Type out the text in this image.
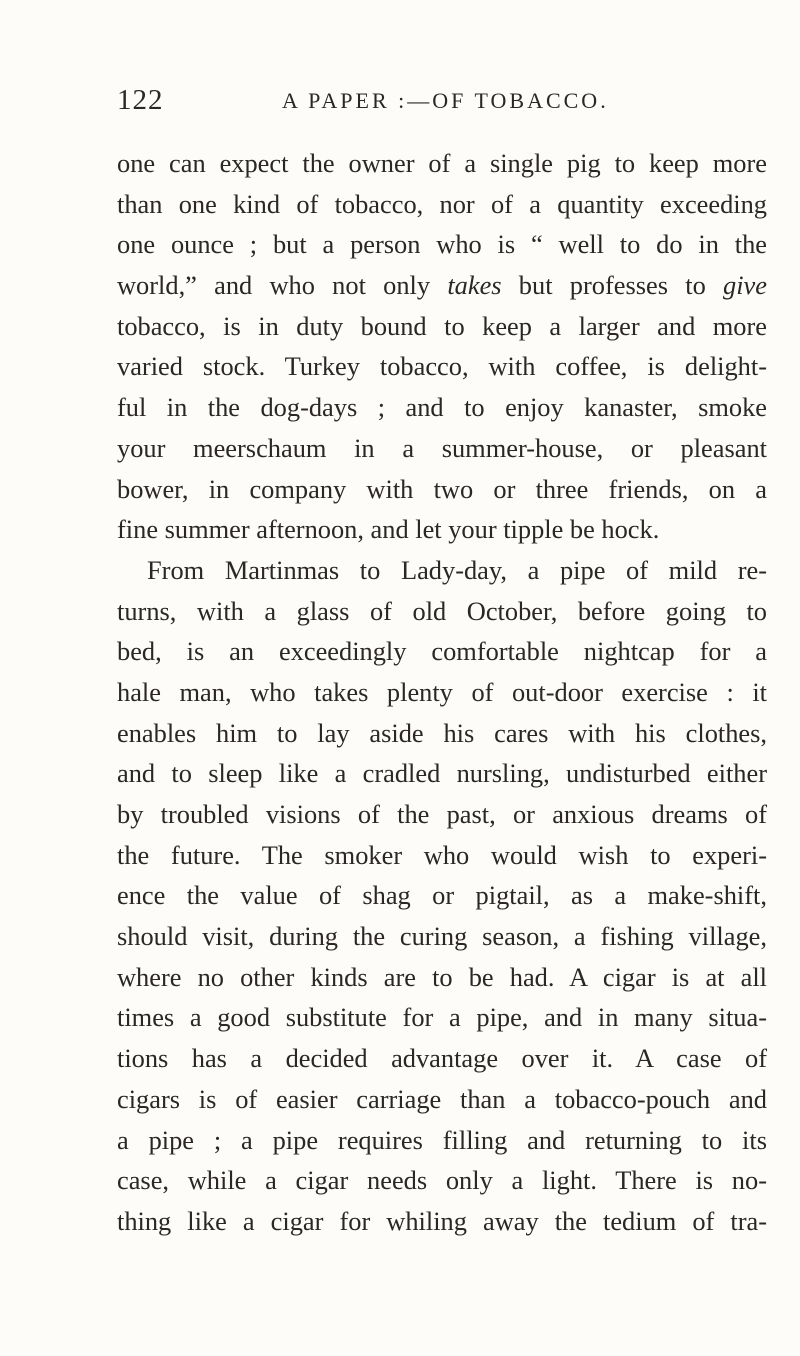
122	A PAPER :—OF TOBACCO.
one can expect the owner of a single pig to keep more
than one kind of tobacco, nor of a quantity exceeding
one ounce ; but a person who is “ well to do in the
world,” and who not only takes but professes to give
tobacco, is in duty bound to keep a larger and more
varied stock. Turkey tobacco, with coffee, is delight-
ful in the dog-days ; and to enjoy kanaster, smoke
your meerschaum in a summer-house, or pleasant
bower, in company with two or three friends, on a
fine summer afternoon, and let your tipple be hock.
From Martinmas to Lady-day, a pipe of mild re-
turns, with a glass of old October, before going to
bed, is an exceedingly comfortable nightcap for a
hale man, who takes plenty of out-door exercise : it
enables him to lay aside his cares with his clothes,
and to sleep like a cradled nursling, undisturbed either
by troubled visions of the past, or anxious dreams of
the future. The smoker who would wish to experi-
ence the value of shag or pigtail, as a make-shift,
should visit, during the curing season, a fishing village,
where no other kinds are to be had. A cigar is at all
times a good substitute for a pipe, and in many situa-
tions has a decided advantage over it. A case of
cigars is of easier carriage than a tobacco-pouch and
a pipe ; a pipe requires filling and returning to its
case, while a cigar needs only a light. There is no-
thing like a cigar for whiling away the tedium of tra-
